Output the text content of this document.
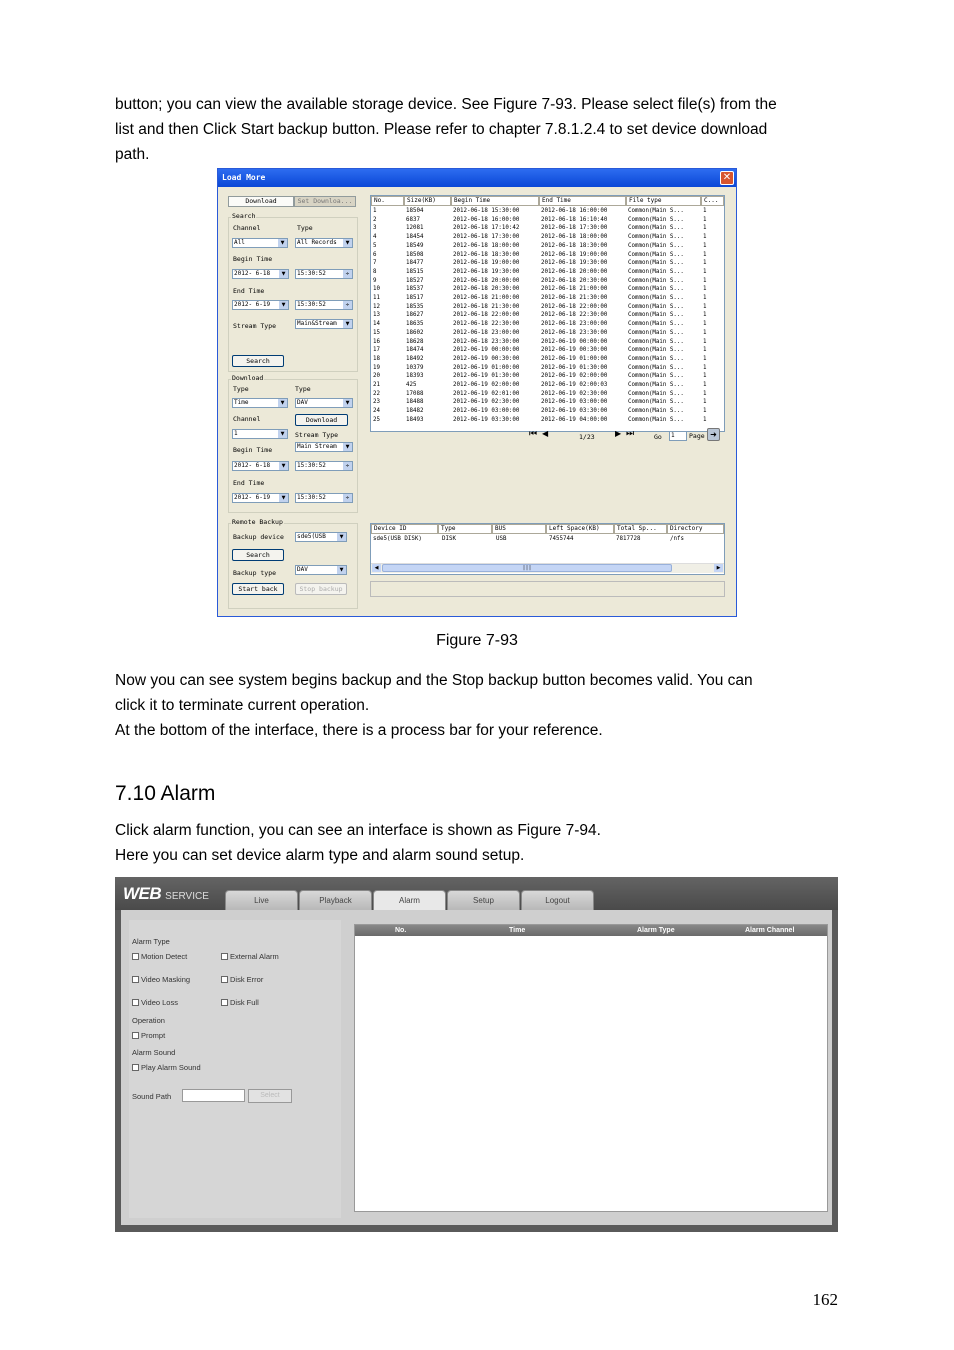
button; you can view the available storage device. See Figure 7-93. Please select file(s) from the
list and then Click Start backup button. Please refer to chapter 7.8.1.2.4 to set device download
path.
Load More	✕
Download	Set Downloa...
Search
Channel	Type
All	▼	All Records	▼
Begin Time
2012- 6-18	▼	15:30:52	÷
End Time
2012- 6-19	▼	15:30:52	÷
Stream Type	Main&Stream	▼
Search
Download
Type	Type
Time	▼	DAV	▼
Channel	Download
1	▼	Stream Type
Main Stream	▼
Begin Time
2012- 6-18	▼	15:30:52	÷
End Time
2012- 6-19	▼	15:30:52	÷
Remote Backup
Backup device	sde5(USB	▼
Search
Backup type	DAV	▼
Start back	Stop backup
No.	Size(KB)	Begin Time	End Time	File type	C...
1	18504	2012-06-18 15:30:00	2012-06-18 16:00:00	Common(Main S...	1
2	6837	2012-06-18 16:00:00	2012-06-18 16:10:40	Common(Main S...	1
3	12081	2012-06-18 17:10:42	2012-06-18 17:30:00	Common(Main S...	1
4	18454	2012-06-18 17:30:00	2012-06-18 18:00:00	Common(Main S...	1
5	18549	2012-06-18 18:00:00	2012-06-18 18:30:00	Common(Main S...	1
6	18508	2012-06-18 18:30:00	2012-06-18 19:00:00	Common(Main S...	1
7	18477	2012-06-18 19:00:00	2012-06-18 19:30:00	Common(Main S...	1
8	18515	2012-06-18 19:30:00	2012-06-18 20:00:00	Common(Main S...	1
9	18527	2012-06-18 20:00:00	2012-06-18 20:30:00	Common(Main S...	1
10	18537	2012-06-18 20:30:00	2012-06-18 21:00:00	Common(Main S...	1
11	18517	2012-06-18 21:00:00	2012-06-18 21:30:00	Common(Main S...	1
12	18535	2012-06-18 21:30:00	2012-06-18 22:00:00	Common(Main S...	1
13	18627	2012-06-18 22:00:00	2012-06-18 22:30:00	Common(Main S...	1
14	18635	2012-06-18 22:30:00	2012-06-18 23:00:00	Common(Main S...	1
15	18602	2012-06-18 23:00:00	2012-06-18 23:30:00	Common(Main S...	1
16	18628	2012-06-18 23:30:00	2012-06-19 00:00:00	Common(Main S...	1
17	18474	2012-06-19 00:00:00	2012-06-19 00:30:00	Common(Main S...	1
18	18492	2012-06-19 00:30:00	2012-06-19 01:00:00	Common(Main S...	1
19	10379	2012-06-19 01:00:00	2012-06-19 01:30:00	Common(Main S...	1
20	18393	2012-06-19 01:30:00	2012-06-19 02:00:00	Common(Main S...	1
21	425	2012-06-19 02:00:00	2012-06-19 02:00:03	Common(Main S...	1
22	17088	2012-06-19 02:01:00	2012-06-19 02:30:00	Common(Main S...	1
23	18488	2012-06-19 02:30:00	2012-06-19 03:00:00	Common(Main S...	1
24	18482	2012-06-19 03:00:00	2012-06-19 03:30:00	Common(Main S...	1
25	18493	2012-06-19 03:30:00	2012-06-19 04:00:00	Common(Main S...	1
⏮ ◀	1/23	▶ ⏭	Go	1	Page ➜
Device ID	Type	BUS	Left Space(KB)	Total Sp...	Directory
sde5(USB DISK)	DISK	USB	7455744	7817728	/nfs
|||
◀	▶
Figure 7-93
Now you can see system begins backup and the Stop backup button becomes valid. You can
click it to terminate current operation.
At the bottom of the interface, there is a process bar for your reference.
7.10 Alarm
Click alarm function, you can see an interface is shown as Figure 7-94.
Here you can set device alarm type and alarm sound setup.
WEB SERVICE	Live	Playback	Alarm	Setup	Logout
Alarm Type
Motion Detect	External Alarm
Video Masking	Disk Error
Video Loss	Disk Full
Operation
Prompt
Alarm Sound
Play Alarm Sound
Sound Path	Select
No.	Time	Alarm Type	Alarm Channel
162
